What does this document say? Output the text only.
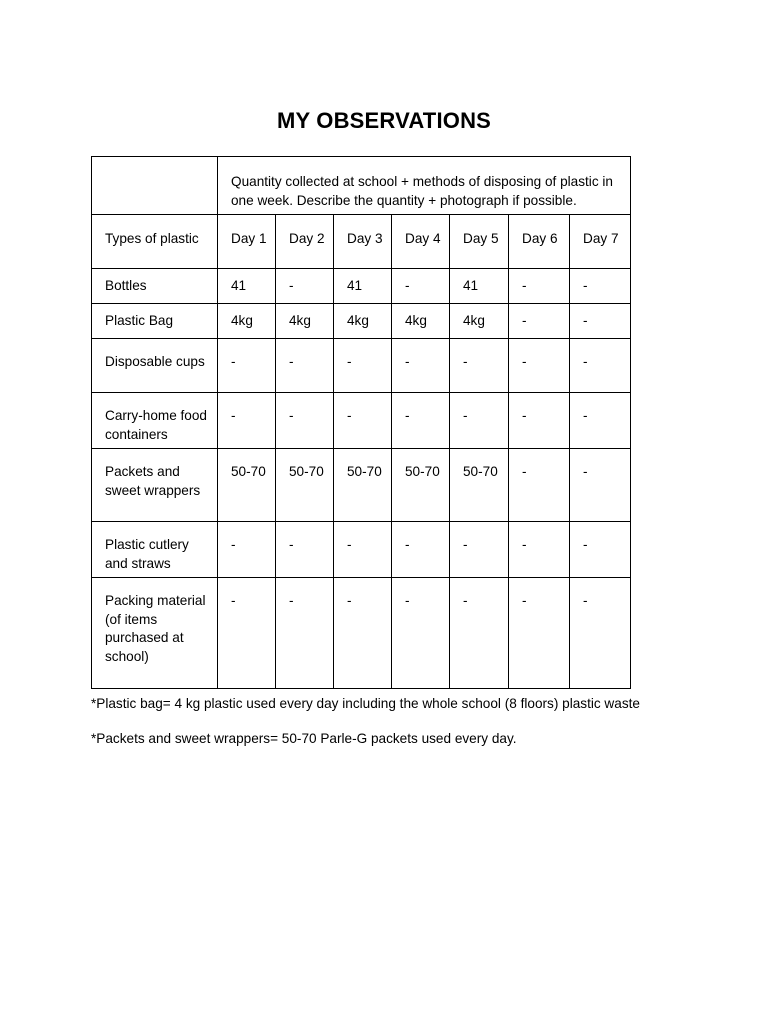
MY OBSERVATIONS
	Quantity collected at school + methods of disposing of plastic in one week. Describe the quantity + photograph if possible.						
Types of plastic	Day 1	Day 2	Day 3	Day 4	Day 5	Day 6	Day 7
Bottles	41	-	41	-	41	-	-
Plastic Bag	4kg	4kg	4kg	4kg	4kg	-	-
Disposable cups	-	-	-	-	-	-	-
Carry-home food containers	-	-	-	-	-	-	-
Packets and sweet wrappers	50-70	50-70	50-70	50-70	50-70	-	-
Plastic cutlery and straws	-	-	-	-	-	-	-
Packing material (of items purchased at school)	-	-	-	-	-	-	-
*Plastic bag= 4 kg plastic used every day including the whole school (8 floors) plastic waste
*Packets and sweet wrappers= 50-70 Parle-G packets used every day.
